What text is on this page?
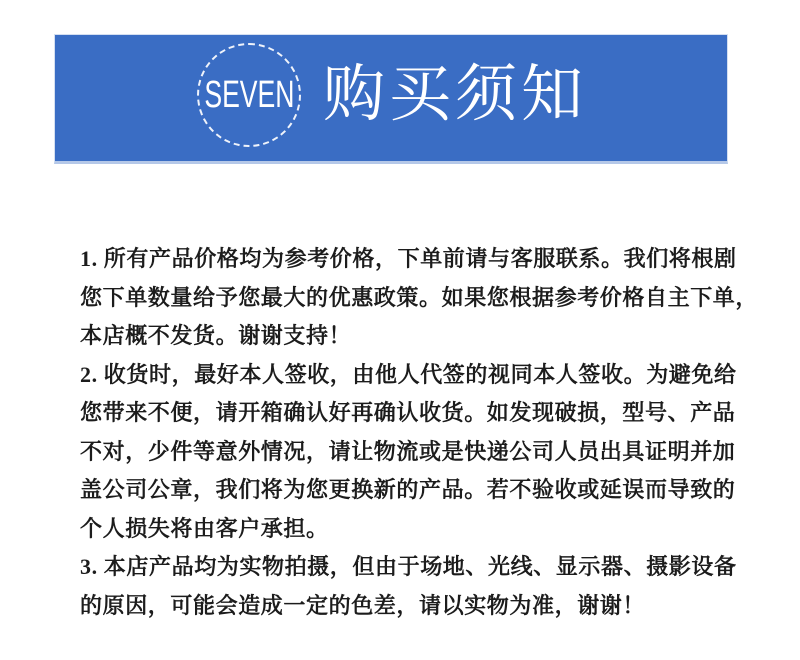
SEVEN 购买须知
1. 所有产品价格均为参考价格，下单前请与客服联系。我们将根剧
您下单数量给予您最大的优惠政策。如果您根据参考价格自主下单，
本店概不发货。谢谢支持！
2. 收货时，最好本人签收，由他人代签的视同本人签收。为避免给
您带来不便，请开箱确认好再确认收货。如发现破损，型号、产品
不对，少件等意外情况，请让物流或是快递公司人员出具证明并加
盖公司公章，我们将为您更换新的产品。若不验收或延误而导致的
个人损失将由客户承担。
3. 本店产品均为实物拍摄，但由于场地、光线、显示器、摄影设备
的原因，可能会造成一定的色差，请以实物为准，谢谢！
